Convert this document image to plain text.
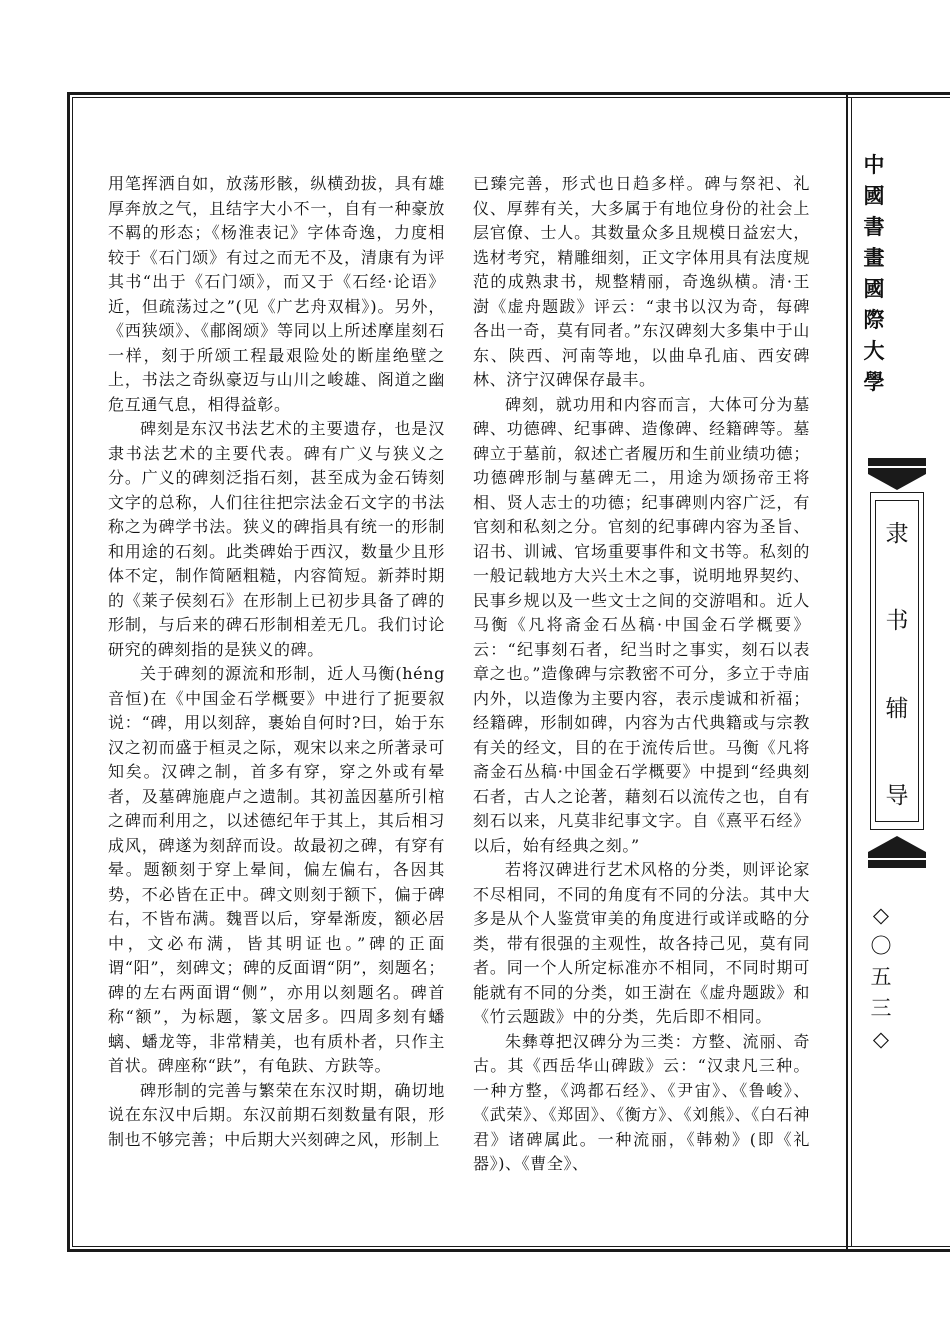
用笔挥洒自如，放荡形骸，纵横劲拔，具有雄厚奔放之气，且结字大小不一，自有一种豪放不羁的形态；《杨淮表记》字体奇逸，力度相较于《石门颂》有过之而无不及，清康有为评其书“出于《石门颂》，而又于《石经·论语》近，但疏荡过之”(见《广艺舟双楫》)。另外，《西狭颂》、《郙阁颂》等同以上所述摩崖刻石一样，刻于所颂工程最艰险处的断崖绝壁之上，书法之奇纵豪迈与山川之峻雄、阁道之幽危互通气息，相得益彰。

碑刻是东汉书法艺术的主要遗存，也是汉隶书法艺术的主要代表。碑有广义与狭义之分。广义的碑刻泛指石刻，甚至成为金石铸刻文字的总称，人们往往把宗法金石文字的书法称之为碑学书法。狭义的碑指具有统一的形制和用途的石刻。此类碑始于西汉，数量少且形体不定，制作简陋粗糙，内容简短。新莽时期的《莱子侯刻石》在形制上已初步具备了碑的形制，与后来的碑石形制相差无几。我们讨论研究的碑刻指的是狭义的碑。

关于碑刻的源流和形制，近人马衡(héng音恒)在《中国金石学概要》中进行了扼要叙说：“碑，用以刻辞，裹始自何时?曰，始于东汉之初而盛于桓灵之际，观宋以来之所著录可知矣。汉碑之制，首多有穿，穿之外或有晕者，及墓碑施鹿卢之遗制。其初盖因墓所引棺之碑而利用之，以述德纪年于其上，其后相习成风，碑遂为刻辞而设。故最初之碑，有穿有晕。题额刻于穿上晕间，偏左偏右，各因其势，不必皆在正中。碑文则刻于额下，偏于碑右，不皆布满。魏晋以后，穿晕渐废，额必居中，文必布满，皆其明证也。”碑的正面谓“阳”，刻碑文；碑的反面谓“阴”，刻题名；碑的左右两面谓“侧”，亦用以刻题名。碑首称“额”，为标题，篆文居多。四周多刻有蟠螭、蟠龙等，非常精美，也有质朴者，只作主首状。碑座称“趺”，有龟趺、方趺等。

碑形制的完善与繁荣在东汉时期，确切地说在东汉中后期。东汉前期石刻数量有限，形制也不够完善；中后期大兴刻碑之风，形制上

已臻完善，形式也日趋多样。碑与祭祀、礼仪、厚葬有关，大多属于有地位身份的社会上层官僚、士人。其数量众多且规模日益宏大，选材考究，精雕细刻，正文字体用具有法度规范的成熟隶书，规整精丽，奇逸纵横。清·王澍《虚舟题跋》评云：“隶书以汉为奇，每碑各出一奇，莫有同者。”东汉碑刻大多集中于山东、陕西、河南等地，以曲阜孔庙、西安碑林、济宁汉碑保存最丰。

碑刻，就功用和内容而言，大体可分为墓碑、功德碑、纪事碑、造像碑、经籍碑等。墓碑立于墓前，叙述亡者履历和生前业绩功德；功德碑形制与墓碑无二，用途为颂扬帝王将相、贤人志士的功德；纪事碑则内容广泛，有官刻和私刻之分。官刻的纪事碑内容为圣旨、诏书、训诫、官场重要事件和文书等。私刻的一般记载地方大兴土木之事，说明地界契约、民事乡规以及一些文士之间的交游唱和。近人马衡《凡将斋金石丛稿·中国金石学概要》云：“纪事刻石者，纪当时之事实，刻石以表章之也。”造像碑与宗教密不可分，多立于寺庙内外，以造像为主要内容，表示虔诚和祈福；经籍碑，形制如碑，内容为古代典籍或与宗教有关的经文，目的在于流传后世。马衡《凡将斋金石丛稿·中国金石学概要》中提到“经典刻石者，古人之论著，藉刻石以流传之也，自有刻石以来，凡莫非纪事文字。自《熹平石经》以后，始有经典之刻。”

若将汉碑进行艺术风格的分类，则评论家不尽相同，不同的角度有不同的分法。其中大多是从个人鉴赏审美的角度进行或详或略的分类，带有很强的主观性，故各持己见，莫有同者。同一个人所定标准亦不相同，不同时期可能就有不同的分类，如王澍在《虚舟题跋》和《竹云题跋》中的分类，先后即不相同。

朱彝尊把汉碑分为三类：方整、流丽、奇古。其《西岳华山碑跋》云：“汉隶凡三种。一种方整，《鸿都石经》、《尹宙》、《鲁峻》、《武荣》、《郑固》、《衡方》、《刘熊》、《白石神君》诸碑属此。一种流丽，《韩勑》(即《礼器》)、《曹全》、

中
國
書
畫
國
際
大
學
隶
书
辅
导
◇
〇
五
三
◇
